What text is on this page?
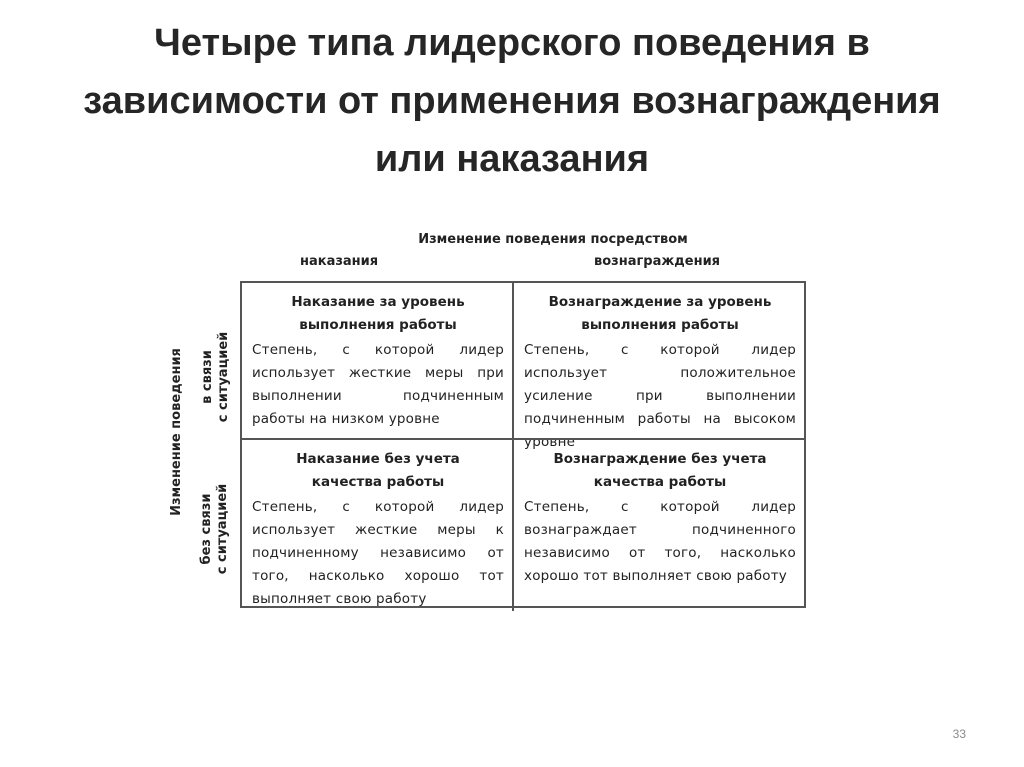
Четыре типа лидерского поведения в
зависимости от применения вознаграждения
или наказания
Изменение поведения посредством
наказания	вознаграждения
Изменение поведения в связи с ситуацией
без связи с ситуацией
Наказание за уровень
выполнения работы
Степень, с которой лидер использует жесткие меры при выполнении подчиненным работы на низком уровне
Вознаграждение за уровень
выполнения работы
Степень, с которой лидер использует положительное усиление при выполнении подчиненным работы на высоком уровне
Наказание без учета
качества работы
Степень, с которой лидер использует жесткие меры к подчиненному независимо от того, насколько хорошо тот выполняет свою работу
Вознаграждение без учета
качества работы
Степень, с которой лидер вознаграждает подчиненного независимо от того, насколько хорошо тот выполняет свою работу
33
